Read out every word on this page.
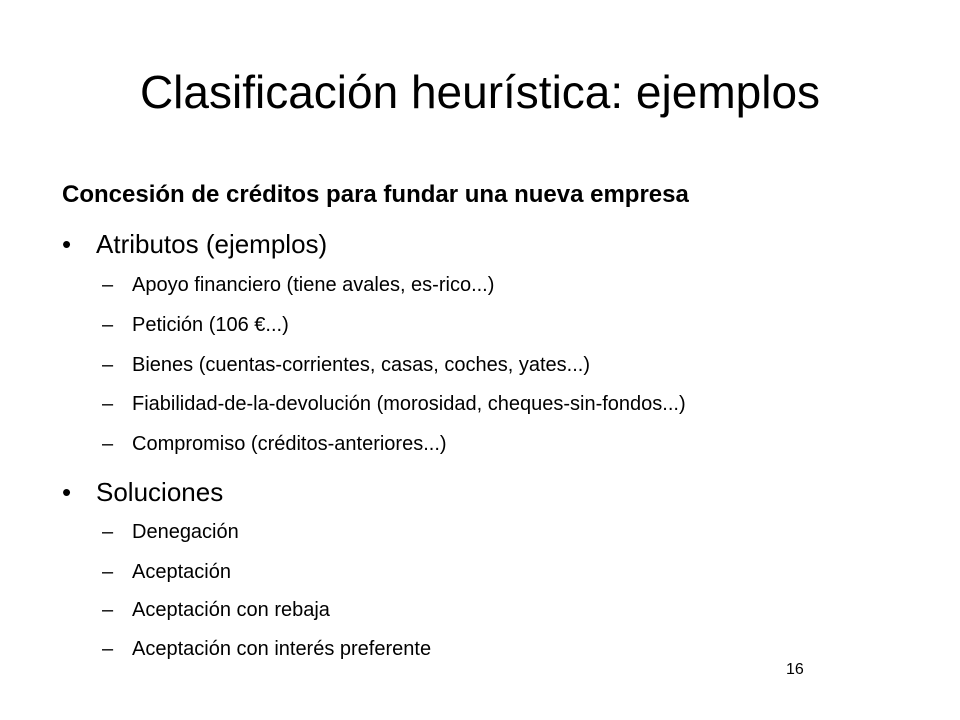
Clasificación heurística: ejemplos

Concesión de créditos para fundar una nueva empresa

• Atributos (ejemplos)
– Apoyo financiero (tiene avales, es-rico...)
– Petición (106 €...)
– Bienes (cuentas-corrientes, casas, coches, yates...)
– Fiabilidad-de-la-devolución (morosidad, cheques-sin-fondos...)
– Compromiso (créditos-anteriores...)
• Soluciones
– Denegación
– Aceptación
– Aceptación con rebaja
– Aceptación con interés preferente
16
